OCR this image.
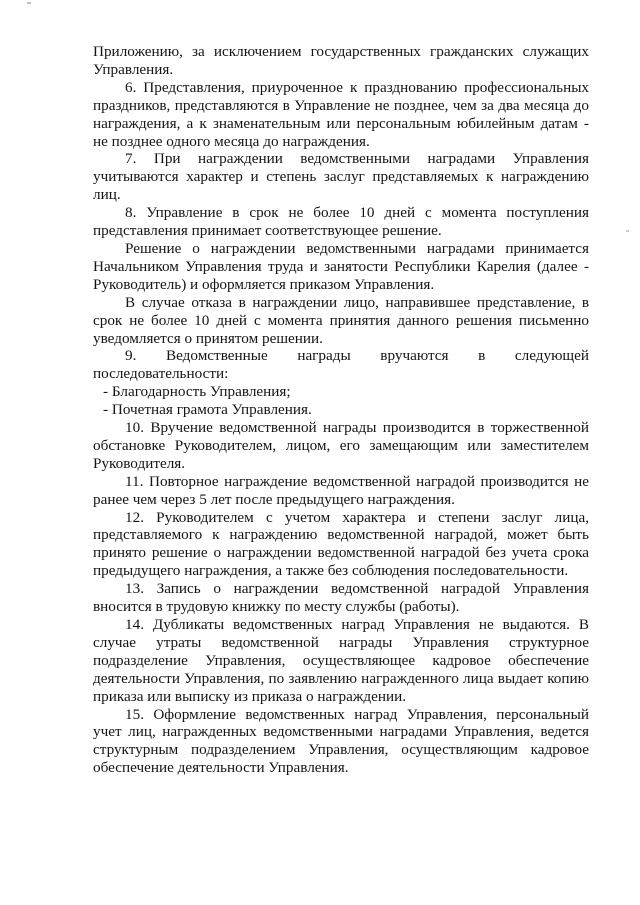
Приложению, за исключением государственных гражданских служащих Управления.

6. Представления, приуроченное к празднованию профессиональных праздников, представляются в Управление не позднее, чем за два месяца до награждения, а к знаменательным или персональным юбилейным датам - не позднее одного месяца до награждения.

7. При награждении ведомственными наградами Управления учитываются характер и степень заслуг представляемых к награждению лиц.

8. Управление в срок не более 10 дней с момента поступления представления принимает соответствующее решение.

Решение о награждении ведомственными наградами принимается Начальником Управления труда и занятости Республики Карелия (далее - Руководитель) и оформляется приказом Управления.

В случае отказа в награждении лицо, направившее представление, в срок не более 10 дней с момента принятия данного решения письменно уведомляется о принятом решении.

9. Ведомственные награды вручаются в следующей последовательности:

- Благодарность Управления;

- Почетная грамота Управления.

10. Вручение ведомственной награды производится в торжественной обстановке Руководителем, лицом, его замещающим или заместителем Руководителя.

11. Повторное награждение ведомственной наградой производится не ранее чем через 5 лет после предыдущего награждения.

12. Руководителем с учетом характера и степени заслуг лица, представляемого к награждению ведомственной наградой, может быть принято решение о награждении ведомственной наградой без учета срока предыдущего награждения, а также без соблюдения последовательности.

13. Запись о награждении ведомственной наградой Управления вносится в трудовую книжку по месту службы (работы).

14. Дубликаты ведомственных наград Управления не выдаются. В случае утраты ведомственной награды Управления структурное подразделение Управления, осуществляющее кадровое обеспечение деятельности Управления, по заявлению награжденного лица выдает копию приказа или выписку из приказа о награждении.

15. Оформление ведомственных наград Управления, персональный учет лиц, награжденных ведомственными наградами Управления, ведется структурным подразделением Управления, осуществляющим кадровое обеспечение деятельности Управления.
